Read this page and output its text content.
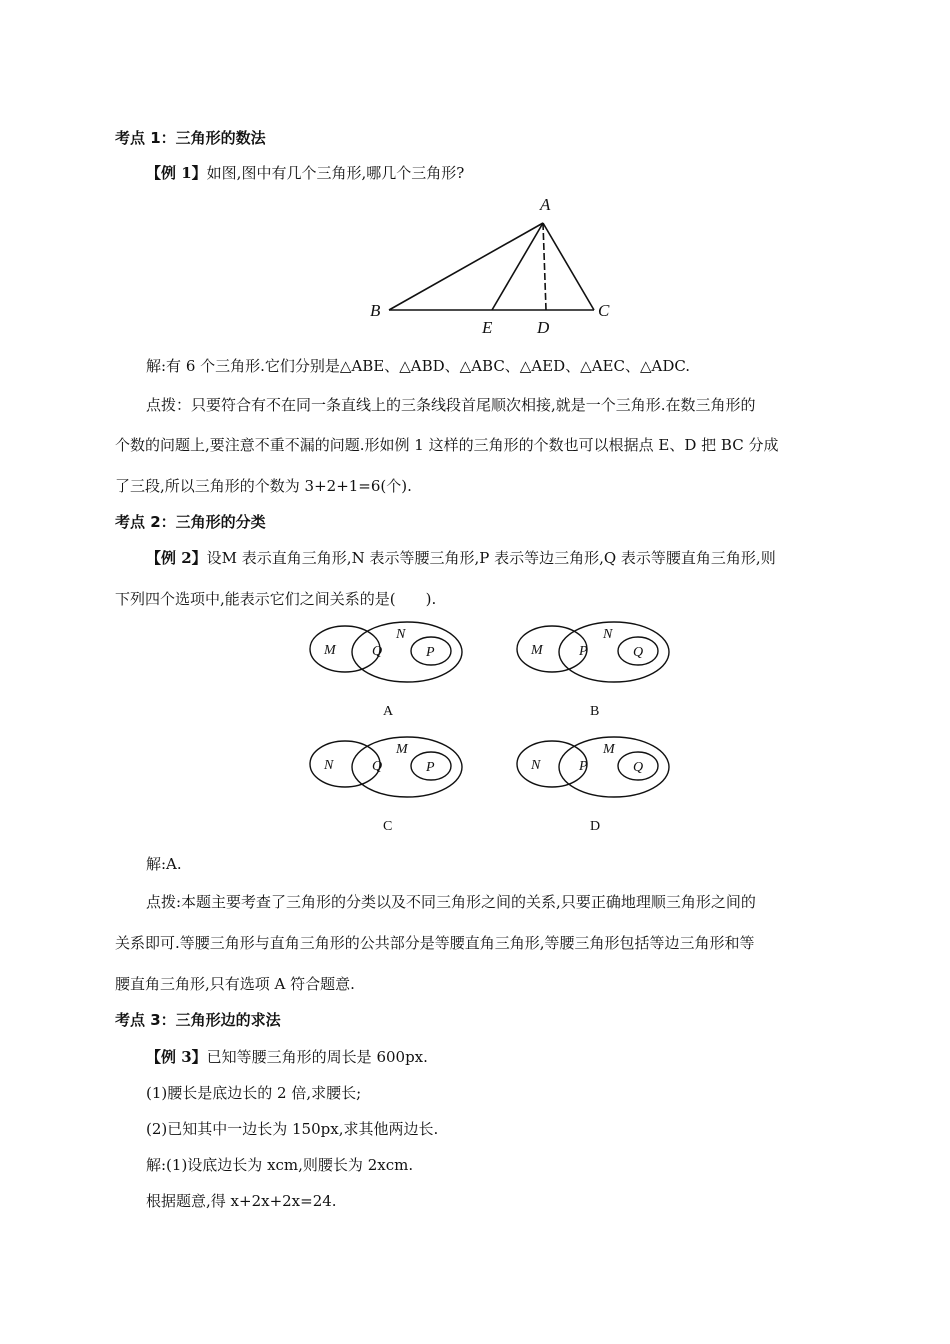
考点 1：三角形的数法
【例 1】如图,图中有几个三角形,哪几个三角形?
A
B	C
E	D
解:有 6 个三角形.它们分别是△ABE、△ABD、△ABC、△AED、△AEC、△ADC.
点拨：只要符合有不在同一条直线上的三条线段首尾顺次相接,就是一个三角形.在数三角形的
个数的问题上,要注意不重不漏的问题.形如例 1 这样的三角形的个数也可以根据点 E、D 把 BC 分成
了三段,所以三角形的个数为 3+2+1=6(个).
考点 2：三角形的分类
【例 2】设M 表示直角三角形,N 表示等腰三角形,P 表示等边三角形,Q 表示等腰直角三角形,则
下列四个选项中,能表示它们之间关系的是(　　).
M	Q
N
P
A
M	P
N
Q
B
N	Q
M
P
C
N	P
M
Q
D
解:A.
点拨:本题主要考查了三角形的分类以及不同三角形之间的关系,只要正确地理顺三角形之间的
关系即可.等腰三角形与直角三角形的公共部分是等腰直角三角形,等腰三角形包括等边三角形和等
腰直角三角形,只有选项 A 符合题意.
考点 3：三角形边的求法
【例 3】已知等腰三角形的周长是 600px.
(1)腰长是底边长的 2 倍,求腰长;
(2)已知其中一边长为 150px,求其他两边长.
解:(1)设底边长为 xcm,则腰长为 2xcm.
根据题意,得 x+2x+2x=24.
